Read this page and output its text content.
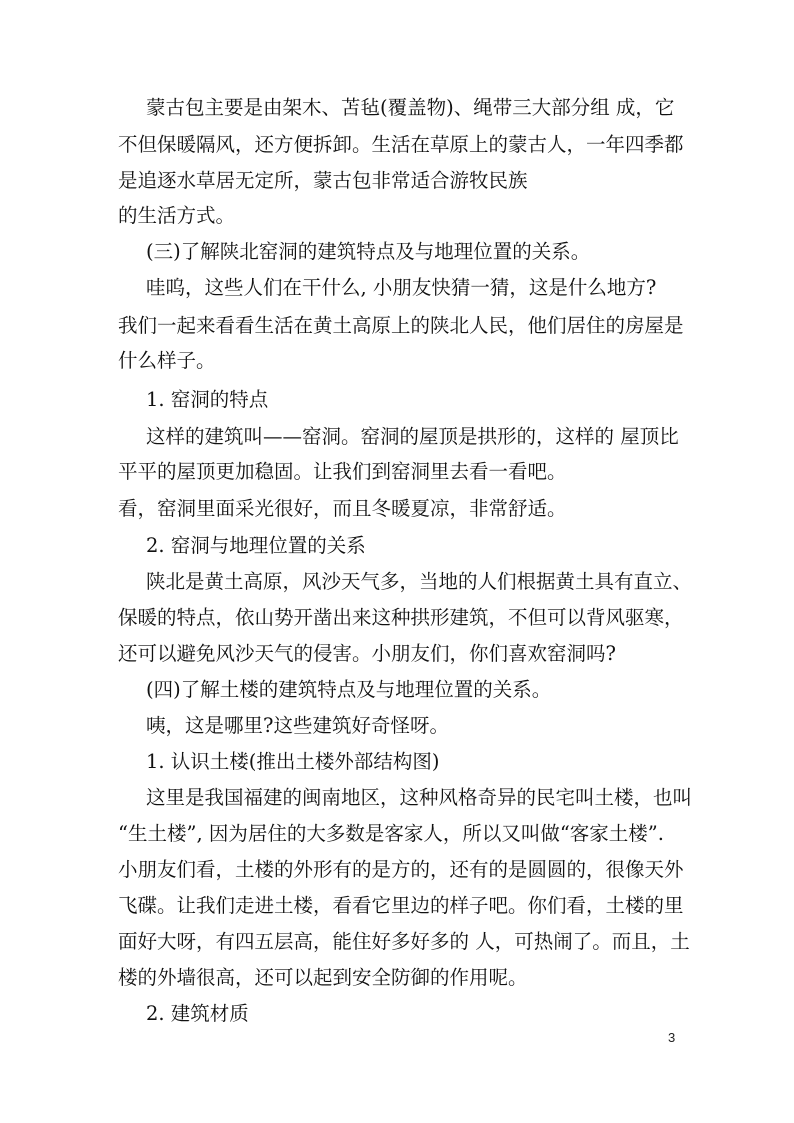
蒙古包主要是由架木、苫毡(覆盖物)、绳带三大部分组 成，它
不但保暖隔风，还方便拆卸。生活在草原上的蒙古人，一年四季都
是追逐水草居无定所，蒙古包非常适合游牧民族
的生活方式。
(三)了解陕北窑洞的建筑特点及与地理位置的关系。
哇呜，这些人们在干什么, 小朋友快猜一猜，这是什么地方?
我们一起来看看生活在黄土高原上的陕北人民，他们居住的房屋是
什么样子。
1. 窑洞的特点
这样的建筑叫——窑洞。窑洞的屋顶是拱形的，这样的 屋顶比
平平的屋顶更加稳固。让我们到窑洞里去看一看吧。
看，窑洞里面采光很好，而且冬暖夏凉，非常舒适。
2. 窑洞与地理位置的关系
陕北是黄土高原，风沙天气多，当地的人们根据黄土具有直立、
保暖的特点，依山势开凿出来这种拱形建筑，不但可以背风驱寒，
还可以避免风沙天气的侵害。小朋友们，你们喜欢窑洞吗?
(四)了解土楼的建筑特点及与地理位置的关系。
咦，这是哪里?这些建筑好奇怪呀。
1. 认识土楼(推出土楼外部结构图)
这里是我国福建的闽南地区，这种风格奇异的民宅叫土楼，也叫
“生土楼”, 因为居住的大多数是客家人，所以又叫做“客家土楼”.
小朋友们看，土楼的外形有的是方的，还有的是圆圆的，很像天外
飞碟。让我们走进土楼，看看它里边的样子吧。你们看，土楼的里
面好大呀，有四五层高，能住好多好多的 人，可热闹了。而且，土
楼的外墙很高，还可以起到安全防御的作用呢。
2. 建筑材质
3
